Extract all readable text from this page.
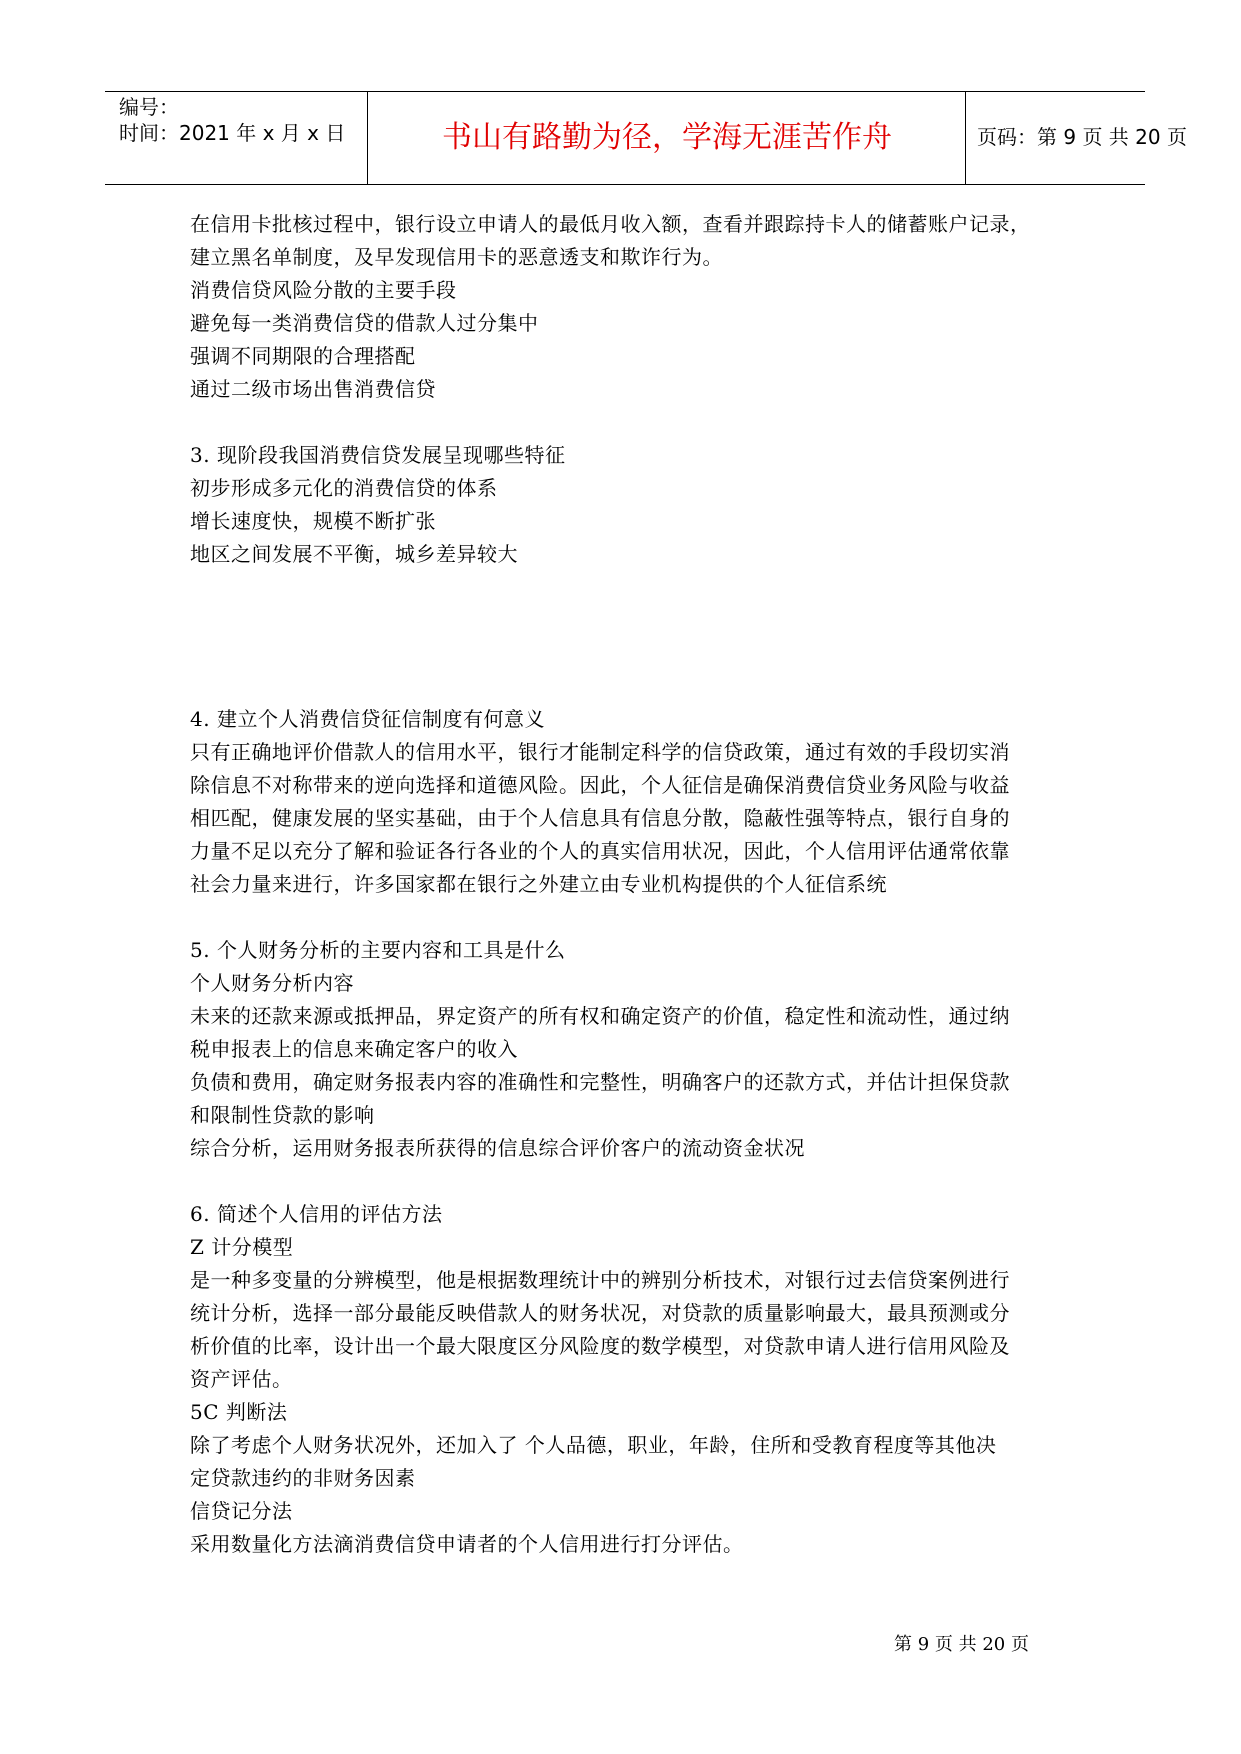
编号：
时间：2021 年 x 月 x 日	书山有路勤为径，学海无涯苦作舟	页码：第 9 页 共 20 页

在信用卡批核过程中，银行设立申请人的最低月收入额，查看并跟踪持卡人的储蓄账户记录，

建立黑名单制度，及早发现信用卡的恶意透支和欺诈行为。

消费信贷风险分散的主要手段

避免每一类消费信贷的借款人过分集中

强调不同期限的合理搭配

通过二级市场出售消费信贷

3. 现阶段我国消费信贷发展呈现哪些特征

初步形成多元化的消费信贷的体系

增长速度快，规模不断扩张

地区之间发展不平衡，城乡差异较大

4. 建立个人消费信贷征信制度有何意义

只有正确地评价借款人的信用水平，银行才能制定科学的信贷政策，通过有效的手段切实消

除信息不对称带来的逆向选择和道德风险。因此，个人征信是确保消费信贷业务风险与收益

相匹配，健康发展的坚实基础，由于个人信息具有信息分散，隐蔽性强等特点，银行自身的

力量不足以充分了解和验证各行各业的个人的真实信用状况，因此，个人信用评估通常依靠

社会力量来进行，许多国家都在银行之外建立由专业机构提供的个人征信系统

5. 个人财务分析的主要内容和工具是什么

个人财务分析内容

未来的还款来源或抵押品，界定资产的所有权和确定资产的价值，稳定性和流动性，通过纳

税申报表上的信息来确定客户的收入

负债和费用，确定财务报表内容的准确性和完整性，明确客户的还款方式，并估计担保贷款

和限制性贷款的影响

综合分析，运用财务报表所获得的信息综合评价客户的流动资金状况

6. 简述个人信用的评估方法

Z 计分模型

是一种多变量的分辨模型，他是根据数理统计中的辨别分析技术，对银行过去信贷案例进行

统计分析，选择一部分最能反映借款人的财务状况，对贷款的质量影响最大，最具预测或分

析价值的比率，设计出一个最大限度区分风险度的数学模型，对贷款申请人进行信用风险及

资产评估。

5C 判断法

除了考虑个人财务状况外，还加入了 个人品德，职业，年龄，住所和受教育程度等其他决

定贷款违约的非财务因素

信贷记分法

采用数量化方法滴消费信贷申请者的个人信用进行打分评估。

第 9 页 共 20 页
